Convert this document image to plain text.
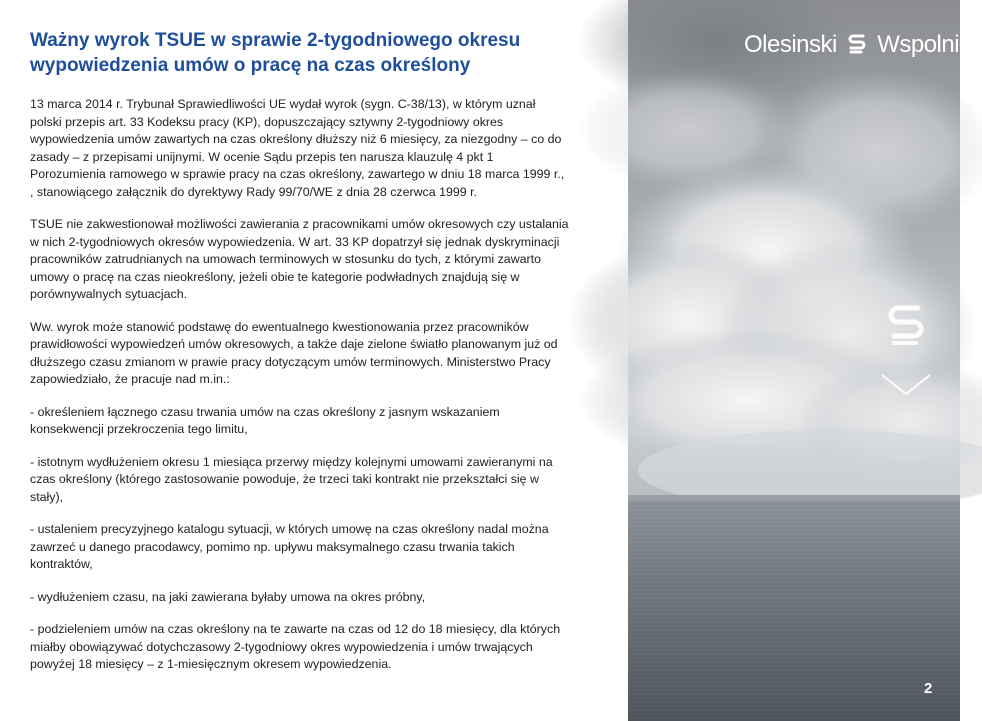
Ważny wyrok TSUE w sprawie 2-tygodniowego okresu
wypowiedzenia umów o pracę na czas określony

13 marca 2014 r. Trybunał Sprawiedliwości UE wydał wyrok (sygn. C-38/13), w którym uznał
polski przepis art. 33 Kodeksu pracy (KP), dopuszczający sztywny 2-tygodniowy okres
wypowiedzenia umów zawartych na czas określony dłuższy niż 6 miesięcy, za niezgodny – co do
zasady – z przepisami unijnymi. W ocenie Sądu przepis ten narusza klauzulę 4 pkt 1
Porozumienia ramowego w sprawie pracy na czas określony, zawartego w dniu 18 marca 1999 r.,
, stanowiącego załącznik do dyrektywy Rady 99/70/WE z dnia 28 czerwca 1999 r.

TSUE nie zakwestionował możliwości zawierania z pracownikami umów okresowych czy ustalania
w nich 2-tygodniowych okresów wypowiedzenia. W art. 33 KP dopatrzył się jednak dyskryminacji
pracowników zatrudnianych na umowach terminowych w stosunku do tych, z którymi zawarto
umowy o pracę na czas nieokreślony, jeżeli obie te kategorie podwładnych znajdują się w
porównywalnych sytuacjach.

Ww. wyrok może stanowić podstawę do ewentualnego kwestionowania przez pracowników
prawidłowości wypowiedzeń umów okresowych, a także daje zielone światło planowanym już od
dłuższego czasu zmianom w prawie pracy dotyczącym umów terminowych. Ministerstwo Pracy
zapowiedziało, że pracuje nad m.in.:

- określeniem łącznego czasu trwania umów na czas określony z jasnym wskazaniem
konsekwencji przekroczenia tego limitu,

- istotnym wydłużeniem okresu 1 miesiąca przerwy między kolejnymi umowami zawieranymi na
czas określony (którego zastosowanie powoduje, że trzeci taki kontrakt nie przekształci się w
stały),

- ustaleniem precyzyjnego katalogu sytuacji, w których umowę na czas określony nadal można
zawrzeć u danego pracodawcy, pomimo np. upływu maksymalnego czasu trwania takich
kontraktów,

- wydłużeniem czasu, na jaki zawierana byłaby umowa na okres próbny,

- podzieleniem umów na czas określony na te zawarte na czas od 12 do 18 miesięcy, dla których
miałby obowiązywać dotychczasowy 2-tygodniowy okres wypowiedzenia i umów trwających
powyżej 18 miesięcy – z 1-miesięcznym okresem wypowiedzenia.

Olesinski Wspolnicy
2
